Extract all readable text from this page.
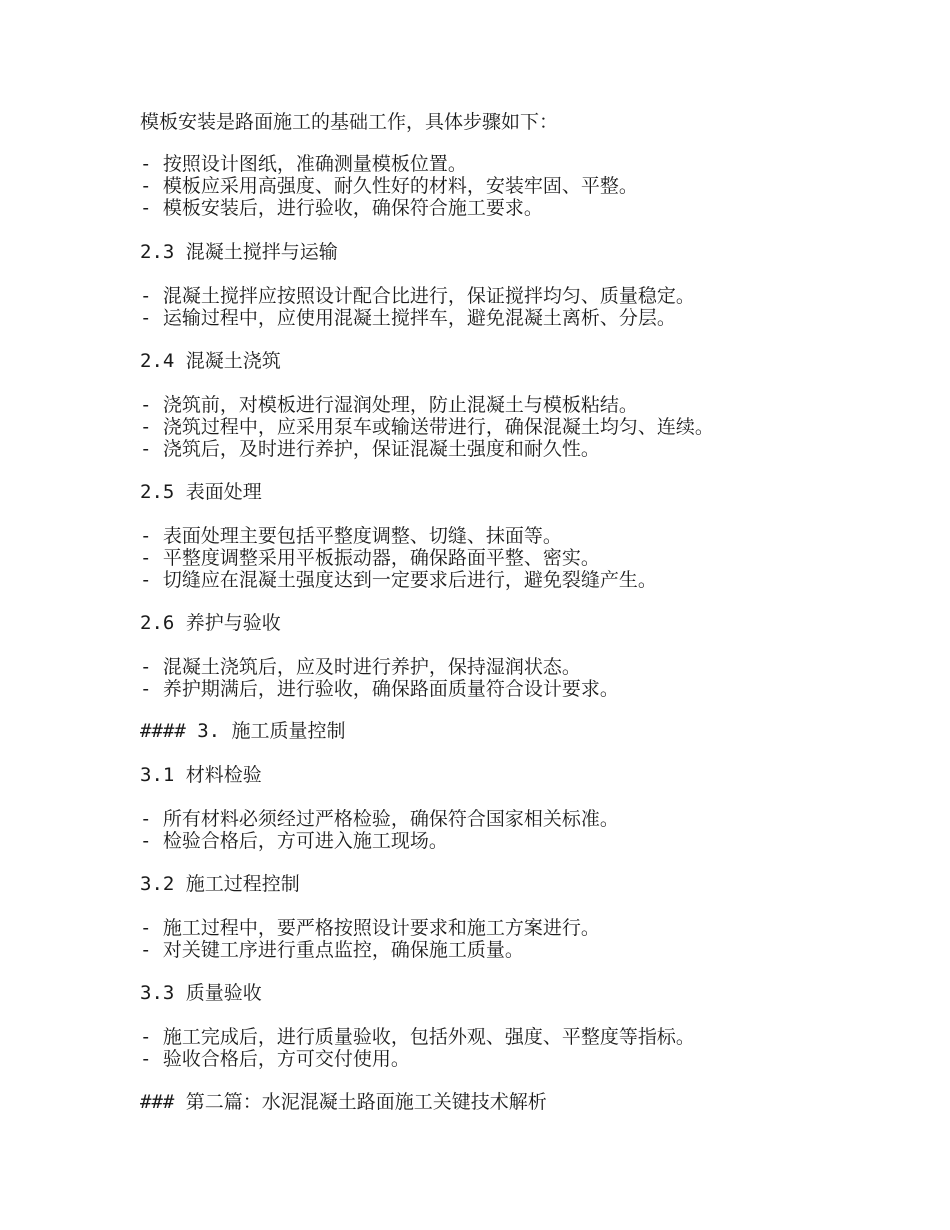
模板安装是路面施工的基础工作，具体步骤如下：
- 按照设计图纸，准确测量模板位置。
- 模板应采用高强度、耐久性好的材料，安装牢固、平整。
- 模板安装后，进行验收，确保符合施工要求。
2.3 混凝土搅拌与运输
- 混凝土搅拌应按照设计配合比进行，保证搅拌均匀、质量稳定。
- 运输过程中，应使用混凝土搅拌车，避免混凝土离析、分层。
2.4 混凝土浇筑
- 浇筑前，对模板进行湿润处理，防止混凝土与模板粘结。
- 浇筑过程中，应采用泵车或输送带进行，确保混凝土均匀、连续。
- 浇筑后，及时进行养护，保证混凝土强度和耐久性。
2.5 表面处理
- 表面处理主要包括平整度调整、切缝、抹面等。
- 平整度调整采用平板振动器，确保路面平整、密实。
- 切缝应在混凝土强度达到一定要求后进行，避免裂缝产生。
2.6 养护与验收
- 混凝土浇筑后，应及时进行养护，保持湿润状态。
- 养护期满后，进行验收，确保路面质量符合设计要求。
#### 3. 施工质量控制
3.1 材料检验
- 所有材料必须经过严格检验，确保符合国家相关标准。
- 检验合格后，方可进入施工现场。
3.2 施工过程控制
- 施工过程中，要严格按照设计要求和施工方案进行。
- 对关键工序进行重点监控，确保施工质量。
3.3 质量验收
- 施工完成后，进行质量验收，包括外观、强度、平整度等指标。
- 验收合格后，方可交付使用。
### 第二篇：水泥混凝土路面施工关键技术解析
